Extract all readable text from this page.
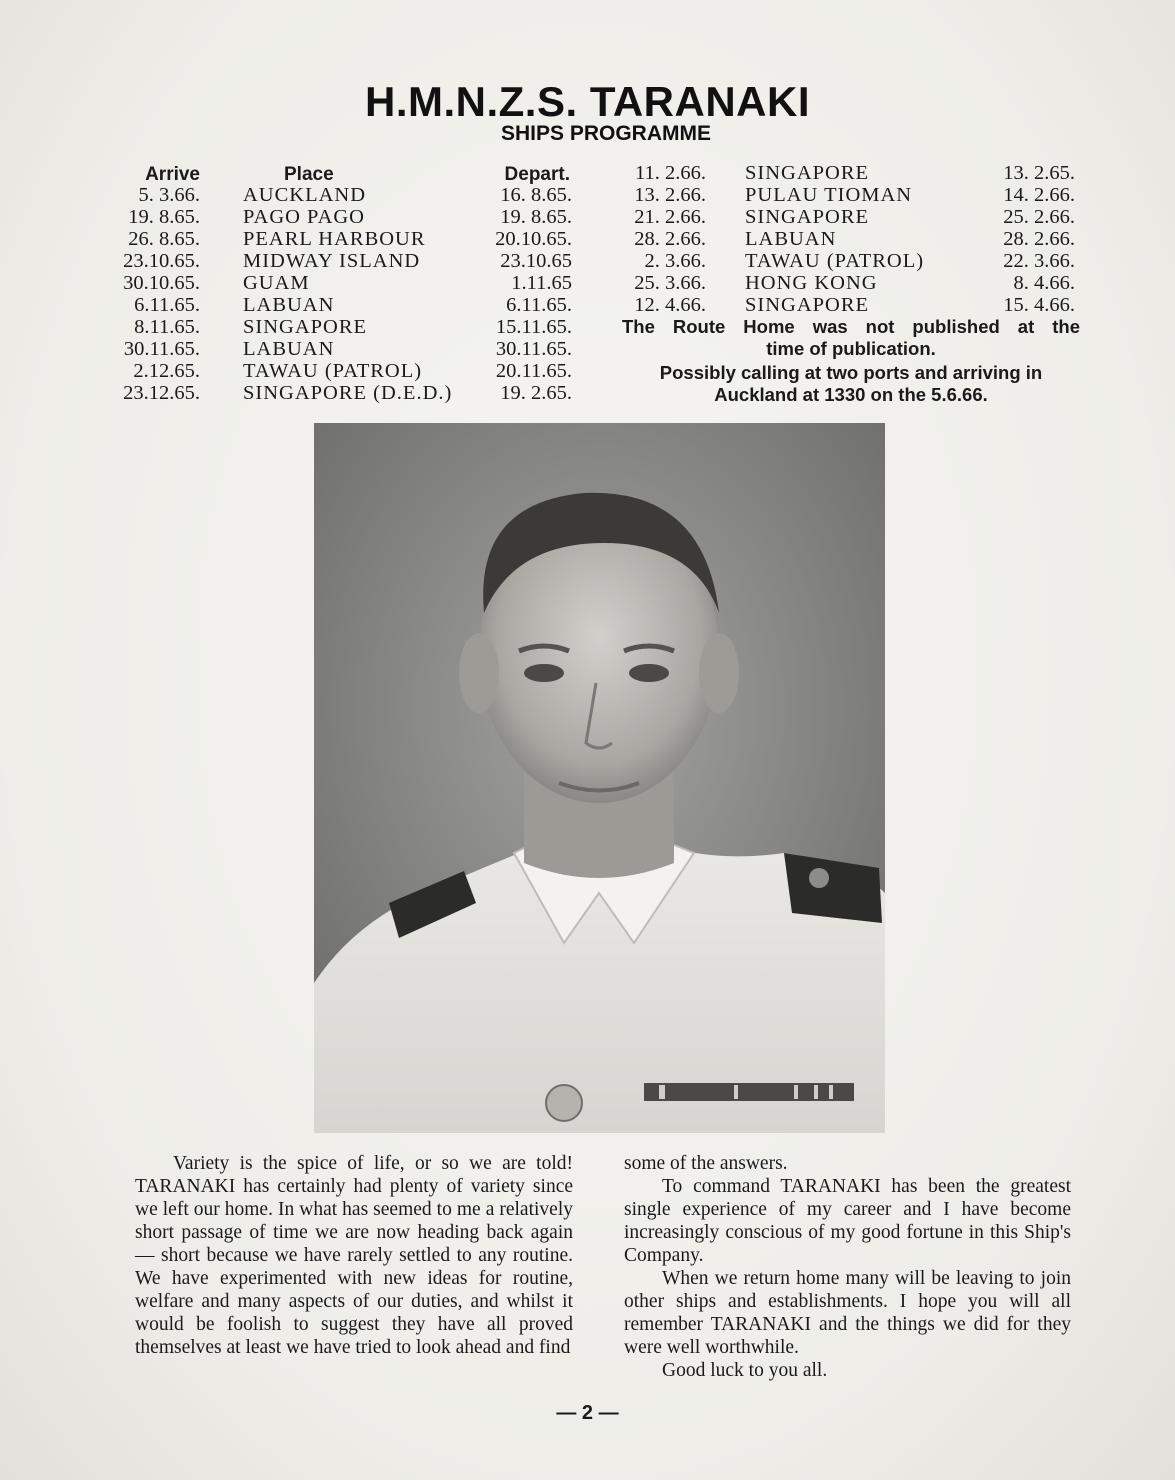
H.M.N.Z.S. TARANAKI
SHIPS PROGRAMME
Arrive	Place	Depart.
5. 3.66. AUCKLAND	16. 8.65.
19. 8.65. PAGO PAGO	19. 8.65.
26. 8.65. PEARL HARBOUR	20.10.65.
23.10.65. MIDWAY ISLAND	23.10.65
30.10.65. GUAM	1.11.65
6.11.65. LABUAN	6.11.65.
8.11.65. SINGAPORE	15.11.65.
30.11.65. LABUAN	30.11.65.
2.12.65. TAWAU (PATROL)	20.11.65.
23.12.65. SINGAPORE (D.E.D.)	19. 2.65.
11. 2.66. SINGAPORE	13. 2.65.
13. 2.66. PULAU TIOMAN	14. 2.66.
21. 2.66. SINGAPORE	25. 2.66.
28. 2.66. LABUAN	28. 2.66.
2. 3.66. TAWAU (PATROL)	22. 3.66.
25. 3.66. HONG KONG	8. 4.66.
12. 4.66. SINGAPORE	15. 4.66.
The Route Home was not published at the
time of publication.
Possibly calling at two ports and arriving in
Auckland at 1330 on the 5.6.66.

Variety is the spice of life, or so we are told! TARANAKI has certainly had plenty of variety since we left our home. In what has seemed to me a relatively short passage of time we are now heading back again — short because we have rarely settled to any routine. We have experimented with new ideas for routine, welfare and many aspects of our duties, and whilst it would be foolish to suggest they have all proved themselves at least we have tried to look ahead and find

some of the answers.

To command TARANAKI has been the greatest single experience of my career and I have become increasingly conscious of my good fortune in this Ship's Company.

When we return home many will be leaving to join other ships and establishments. I hope you will all remember TARANAKI and the things we did for they were well worthwhile.

Good luck to you all.

— 2 —
